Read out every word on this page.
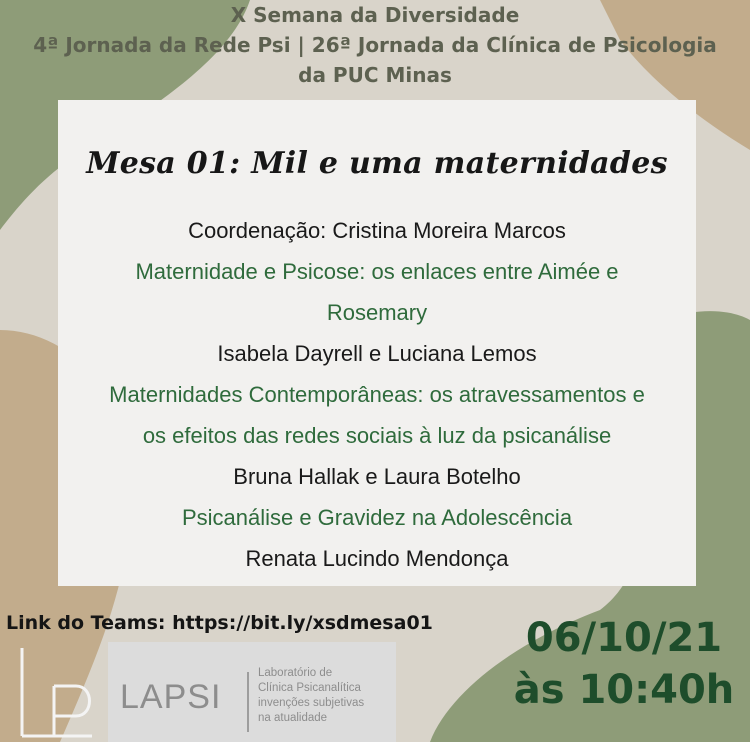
X Semana da Diversidade
4ª Jornada da Rede Psi | 26ª Jornada da Clínica de Psicologia
da PUC Minas
Mesa 01: Mil e uma maternidades
Coordenação: Cristina Moreira Marcos
Maternidade e Psicose: os enlaces entre Aimée e
Rosemary
Isabela Dayrell e Luciana Lemos
Maternidades Contemporâneas: os atravessamentos e
os efeitos das redes sociais à luz da psicanálise
Bruna Hallak e Laura Botelho
Psicanálise e Gravidez na Adolescência
Renata Lucindo Mendonça
Link do Teams: https://bit.ly/xsdmesa01	06/10/21
às 10:40h
LAPSI
Laboratório de
Clínica Psicanalítica
invenções subjetivas
na atualidade
